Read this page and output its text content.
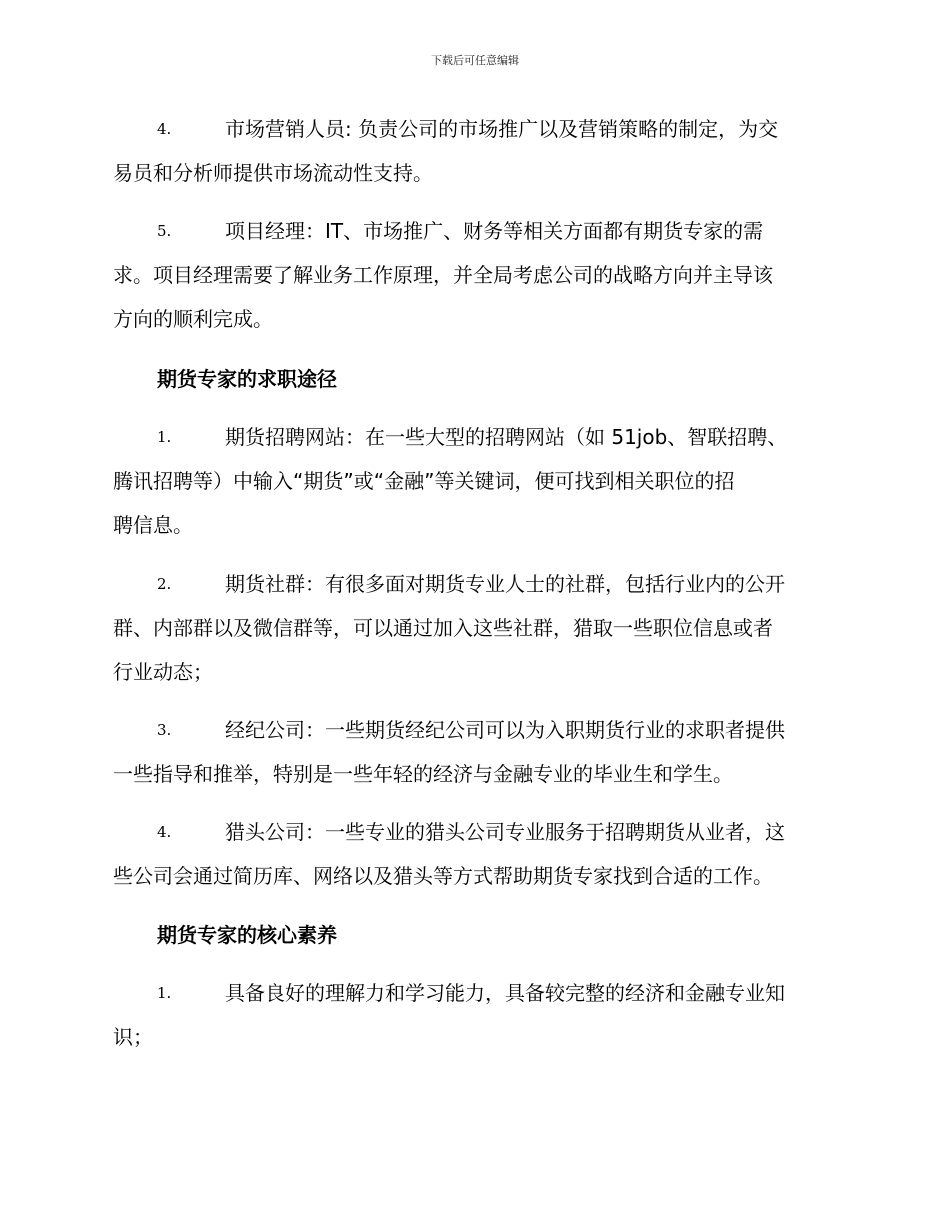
下载后可任意编辑
4.	市场营销人员: 负责公司的市场推广以及营销策略的制定，为交
易员和分析师提供市场流动性支持。
5.	项目经理：IT、市场推广、财务等相关方面都有期货专家的需
求。项目经理需要了解业务工作原理，并全局考虑公司的战略方向并主导该
方向的顺利完成。
期货专家的求职途径
1.	期货招聘网站：在一些大型的招聘网站（如 51job、智联招聘、
腾讯招聘等）中输入“期货”或“金融”等关键词，便可找到相关职位的招
聘信息。
2.	期货社群：有很多面对期货专业人士的社群，包括行业内的公开
群、内部群以及微信群等，可以通过加入这些社群，猎取一些职位信息或者
行业动态；
3.	经纪公司：一些期货经纪公司可以为入职期货行业的求职者提供
一些指导和推举，特别是一些年轻的经济与金融专业的毕业生和学生。
4.	猎头公司：一些专业的猎头公司专业服务于招聘期货从业者，这
些公司会通过简历库、网络以及猎头等方式帮助期货专家找到合适的工作。
期货专家的核心素养
1.	具备良好的理解力和学习能力，具备较完整的经济和金融专业知
识；
